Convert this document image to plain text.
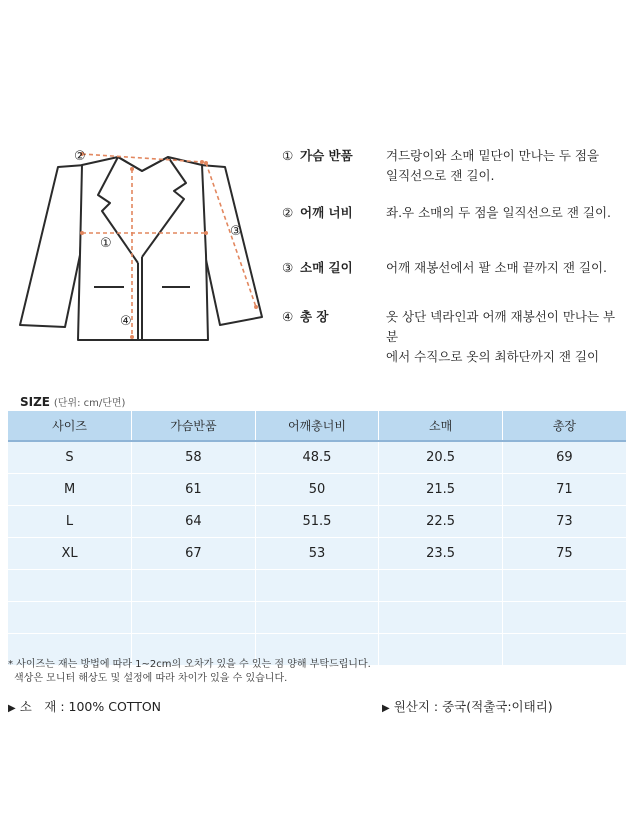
②
①
③
④
① 가슴 반품	겨드랑이와 소매 밑단이 만나는 두 점을
일직선으로 잰 길이.
② 어깨 너비	좌.우 소매의 두 점을 일직선으로 잰 길이.
③ 소매 길이	어깨 재봉선에서 팔 소매 끝까지 잰 길이.
④ 총 장	옷 상단 넥라인과 어깨 재봉선이 만나는 부분
에서 수직으로 옷의 최하단까지 잰 길이
SIZE (단위: cm/단면)
사이즈	가슴반품	어깨총너비	소매	총장
S	58	48.5	20.5	69
M	61	50	21.5	71
L	64	51.5	22.5	73
XL	67	53	23.5	75

* 사이즈는 재는 방법에 따라 1~2cm의 오차가 있을 수 있는 점 양해 부탁드립니다.
색상은 모니터 해상도 및 설정에 따라 차이가 있을 수 있습니다.
▶ 소　재 : 100% COTTON	▶ 원산지 : 중국(적출국:이태리)
